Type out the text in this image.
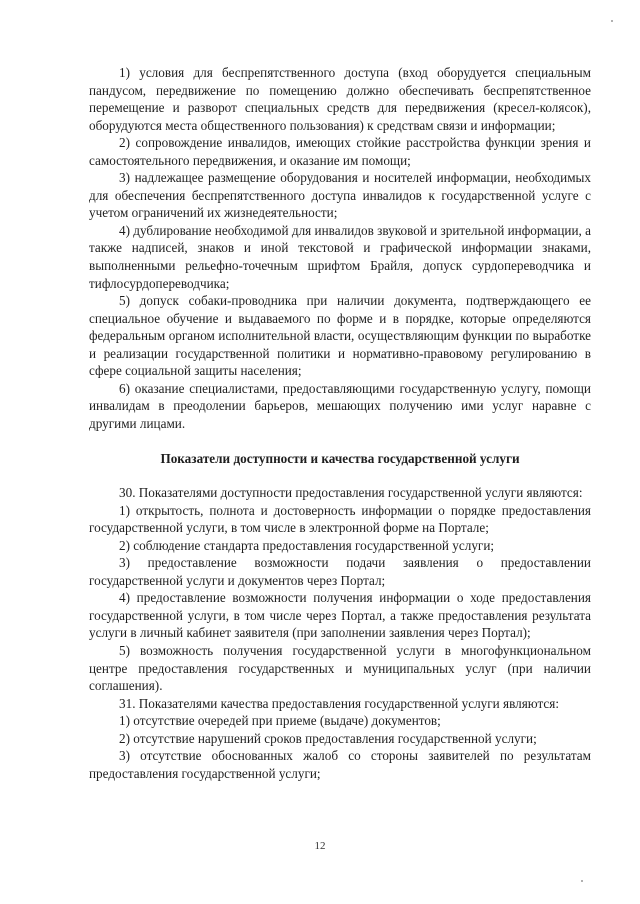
1) условия для беспрепятственного доступа (вход оборудуется специальным пандусом, передвижение по помещению должно обеспечивать беспрепятственное перемещение и разворот специальных средств для передвижения (кресел-колясок), оборудуются места общественного пользования) к средствам связи и информации;

2) сопровождение инвалидов, имеющих стойкие расстройства функции зрения и самостоятельного передвижения, и оказание им помощи;

3) надлежащее размещение оборудования и носителей информации, необходимых для обеспечения беспрепятственного доступа инвалидов к государственной услуге с учетом ограничений их жизнедеятельности;

4) дублирование необходимой для инвалидов звуковой и зрительной информации, а также надписей, знаков и иной текстовой и графической информации знаками, выполненными рельефно-точечным шрифтом Брайля, допуск сурдопереводчика и тифлосурдопереводчика;

5) допуск собаки-проводника при наличии документа, подтверждающего ее специальное обучение и выдаваемого по форме и в порядке, которые определяются федеральным органом исполнительной власти, осуществляющим функции по выработке и реализации государственной политики и нормативно-правовому регулированию в сфере социальной защиты населения;

6) оказание специалистами, предоставляющими государственную услугу, помощи инвалидам в преодолении барьеров, мешающих получению ими услуг наравне с другими лицами.

Показатели доступности и качества государственной услуги

30. Показателями доступности предоставления государственной услуги являются:

1) открытость, полнота и достоверность информации о порядке предоставления государственной услуги, в том числе в электронной форме на Портале;

2) соблюдение стандарта предоставления государственной услуги;

3) предоставление возможности подачи заявления о предоставлении государственной услуги и документов через Портал;

4) предоставление возможности получения информации о ходе предоставления государственной услуги, в том числе через Портал, а также предоставления результата услуги в личный кабинет заявителя (при заполнении заявления через Портал);

5) возможность получения государственной услуги в многофункциональном центре предоставления государственных и муниципальных услуг (при наличии соглашения).

31. Показателями качества предоставления государственной услуги являются:

1) отсутствие очередей при приеме (выдаче) документов;

2) отсутствие нарушений сроков предоставления государственной услуги;

3) отсутствие обоснованных жалоб со стороны заявителей по результатам предоставления государственной услуги;

12
